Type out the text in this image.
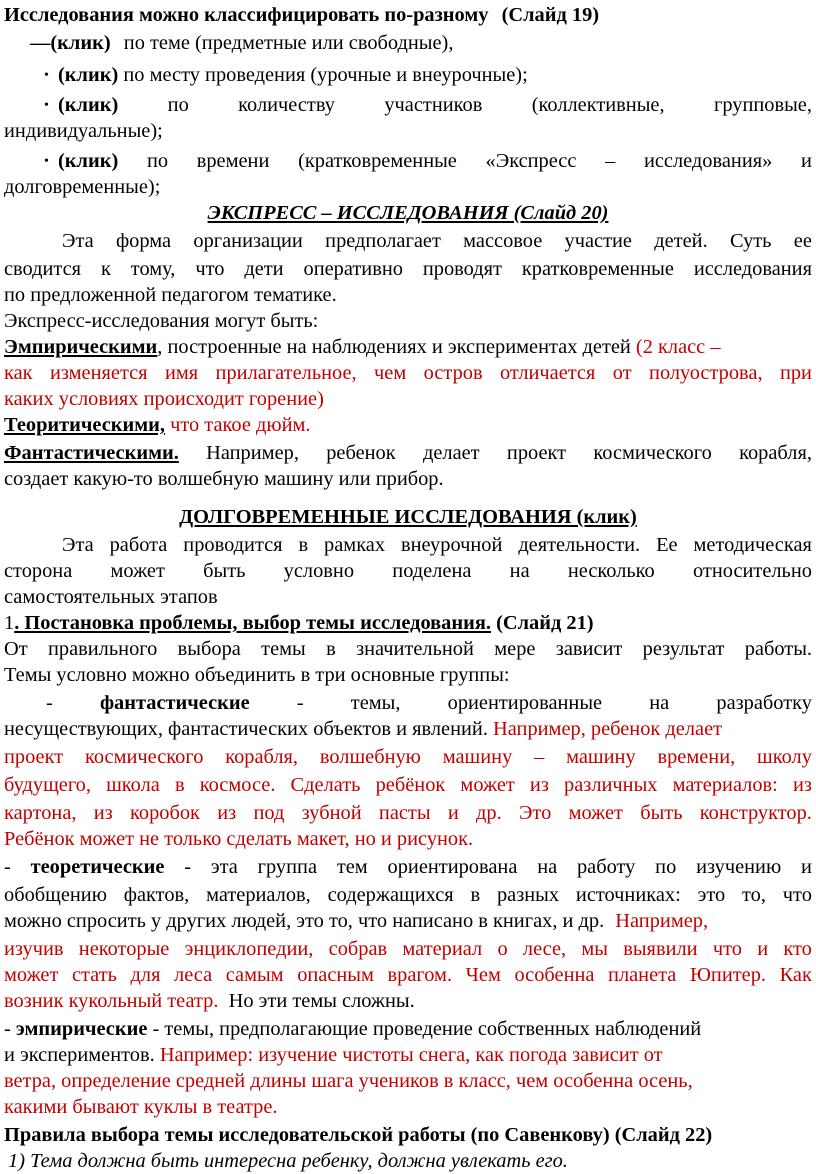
Исследования можно классифицировать по-разному (Слайд 19)
—(клик) по теме (предметные или свободные),
• (клик) по месту проведения (урочные и внеурочные);
• (клик) по количеству участников (коллективные, групповые,
индивидуальные);
• (клик) по времени (кратковременные «Экспресс – исследования» и
долговременные);
ЭКСПРЕСС – ИССЛЕДОВАНИЯ (Слайд 20)
Эта форма организации предполагает массовое участие детей. Суть ее
сводится к тому, что дети оперативно проводят кратковременные исследования
по предложенной педагогом тематике.
Экспресс-исследования могут быть:
Эмпирическими, построенные на наблюдениях и экспериментах детей (2 класс –
как изменяется имя прилагательное, чем остров отличается от полуострова, при
каких условиях происходит горение)
Теоритическими, что такое дюйм.
Фантастическими. Например, ребенок делает проект космического корабля,
создает какую-то волшебную машину или прибор.
ДОЛГОВРЕМЕННЫЕ ИССЛЕДОВАНИЯ (клик)
Эта работа проводится в рамках внеурочной деятельности. Ее методическая
сторона может быть условно поделена на несколько относительно
самостоятельных этапов
1. Постановка проблемы, выбор темы исследования. (Слайд 21)
От правильного выбора темы в значительной мере зависит результат работы.
Темы условно можно объединить в три основные группы:
- фантастические - темы, ориентированные на разработку
несуществующих, фантастических объектов и явлений. Например, ребенок делает
проект космического корабля, волшебную машину – машину времени, школу
будущего, школа в космосе. Сделать ребёнок может из различных материалов: из
картона, из коробок из под зубной пасты и др. Это может быть конструктор.
Ребёнок может не только сделать макет, но и рисунок.
- теоретические - эта группа тем ориентирована на работу по изучению и
обобщению фактов, материалов, содержащихся в разных источниках: это то, что
можно спросить у других людей, это то, что написано в книгах, и др. Например,
изучив некоторые энциклопедии, собрав материал о лесе, мы выявили что и кто
может стать для леса самым опасным врагом. Чем особенна планета Юпитер. Как
возник кукольный театр.  Но эти темы сложны.
- эмпирические - темы, предполагающие проведение собственных наблюдений
и экспериментов. Например: изучение чистоты снега, как погода зависит от
ветра, определение средней длины шага учеников в класс, чем особенна осень,
какими бывают куклы в театре.
Правила выбора темы исследовательской работы (по Савенкову) (Слайд 22)
1) Тема должна быть интересна ребенку, должна увлекать его.
